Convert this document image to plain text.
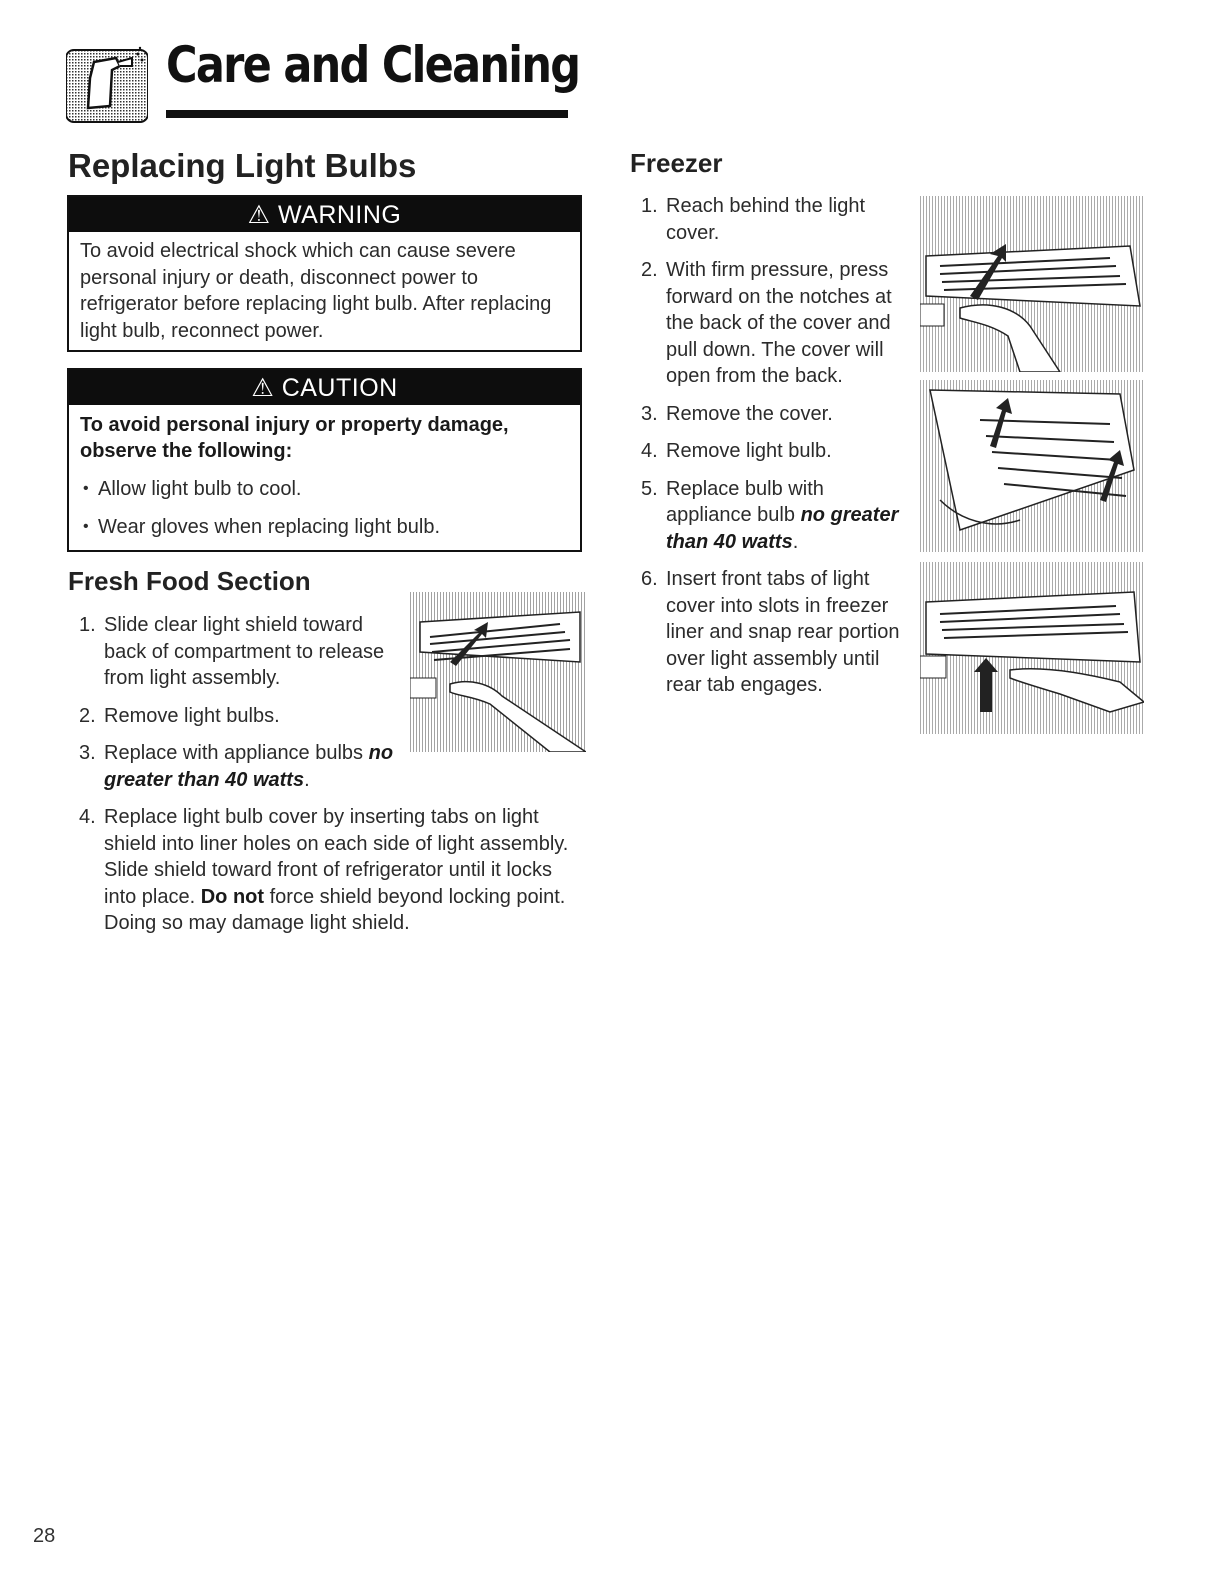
Care and Cleaning
Replacing Light Bulbs
⚠ WARNING
To avoid electrical shock which can cause severe personal injury or death, disconnect power to refrigerator before replacing light bulb. After replacing light bulb, reconnect power.
⚠ CAUTION
To avoid personal injury or property damage, observe the following:
• Allow light bulb to cool.
• Wear gloves when replacing light bulb.
Fresh Food Section
1. Slide clear light shield toward back of compartment to release from light assembly.
2. Remove light bulbs.
3. Replace with appliance bulbs no greater than 40 watts.
4. Replace light bulb cover by inserting tabs on light shield into liner holes on each side of light assembly. Slide shield toward front of refrigerator until it locks into place. Do not force shield beyond locking point. Doing so may damage light shield.
Freezer
1. Reach behind the light cover.
2. With firm pressure, press forward on the notches at the back of the cover and pull down. The cover will open from the back.
3. Remove the cover.
4. Remove light bulb.
5. Replace bulb with appliance bulb no greater than 40 watts.
6. Insert front tabs of light cover into slots in freezer liner and snap rear portion over light assembly until rear tab engages.
28
